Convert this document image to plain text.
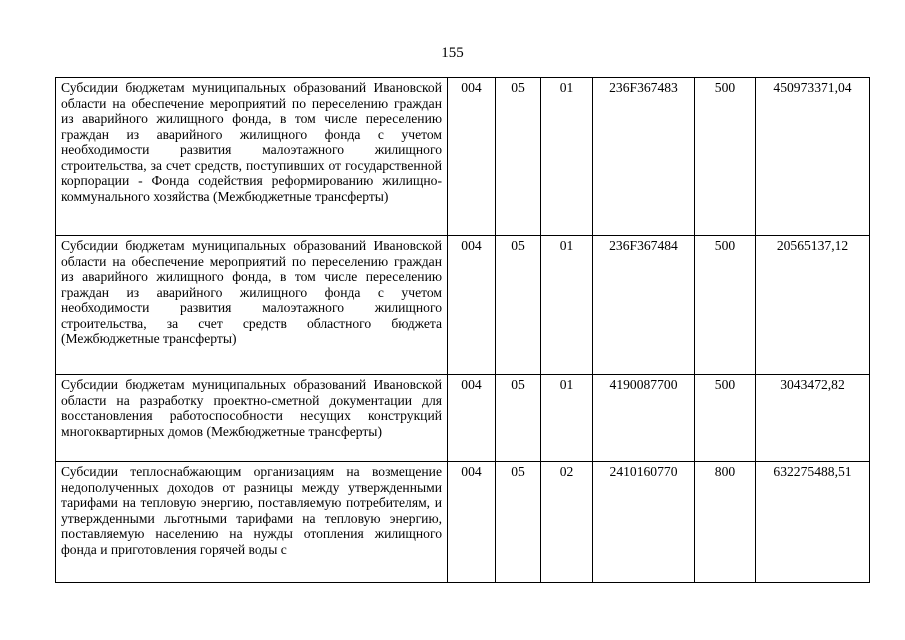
155
Субсидии бюджетам муниципальных образований Ивановской области на обеспечение мероприятий по переселению граждан из аварийного жилищного фонда, в том числе переселению граждан из аварийного жилищного фонда с учетом необходимости развития малоэтажного жилищного строительства, за счет средств, поступивших от государственной корпорации - Фонда содействия реформированию жилищно-коммунального хозяйства (Межбюджетные трансферты)	004	05	01	236F367483	500	450973371,04
Субсидии бюджетам муниципальных образований Ивановской области на обеспечение мероприятий по переселению граждан из аварийного жилищного фонда, в том числе переселению граждан из аварийного жилищного фонда с учетом необходимости развития малоэтажного жилищного строительства, за счет средств областного бюджета (Межбюджетные трансферты)	004	05	01	236F367484	500	20565137,12
Субсидии бюджетам муниципальных образований Ивановской области на разработку проектно-сметной документации для восстановления работоспособности несущих конструкций многоквартирных домов (Межбюджетные трансферты)	004	05	01	4190087700	500	3043472,82
Субсидии теплоснабжающим организациям на возмещение недополученных доходов от разницы между утвержденными тарифами на тепловую энергию, поставляемую потребителям, и утвержденными льготными тарифами на тепловую энергию, поставляемую населению на нужды отопления жилищного фонда и приготовления горячей воды с	004	05	02	2410160770	800	632275488,51
